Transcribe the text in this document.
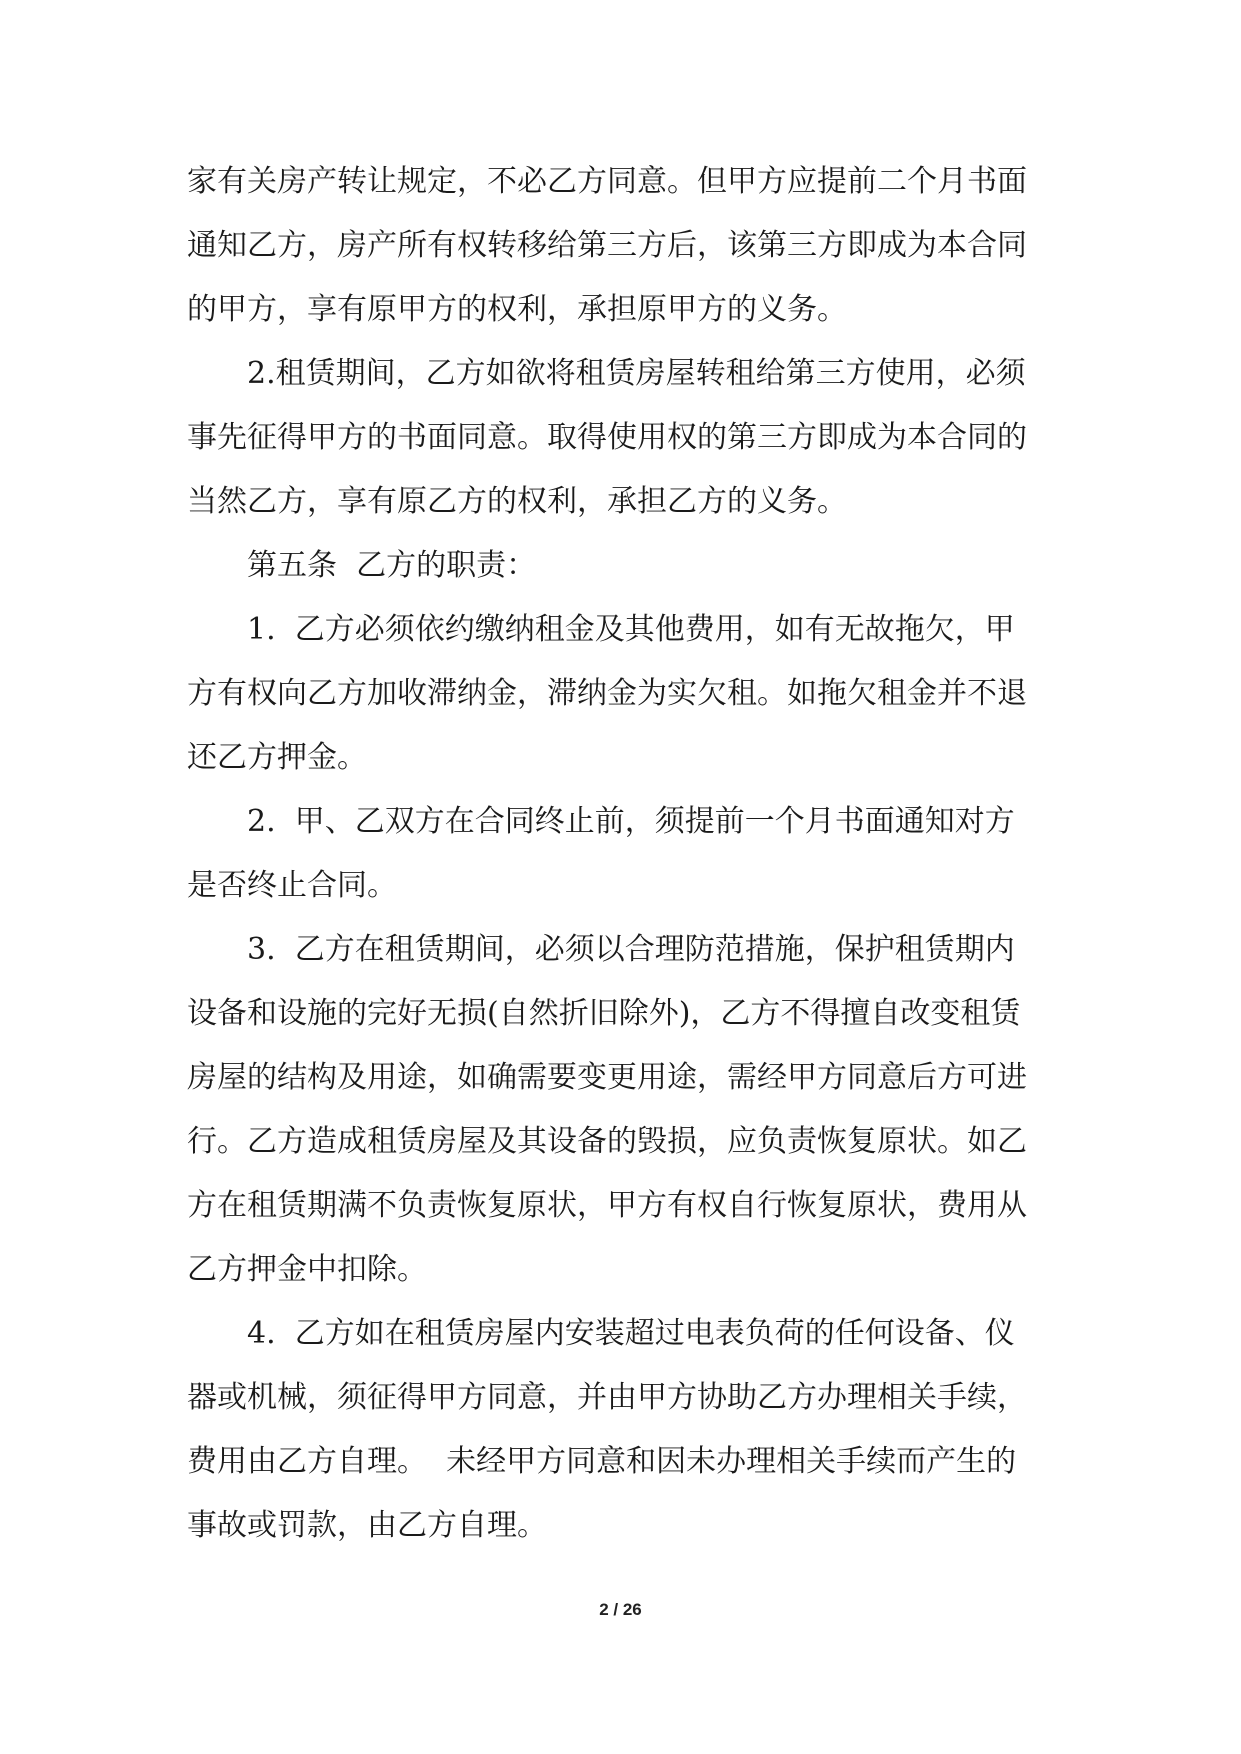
家有关房产转让规定，不必乙方同意。但甲方应提前二个月书面
通知乙方，房产所有权转移给第三方后，该第三方即成为本合同
的甲方，享有原甲方的权利，承担原甲方的义务。
2.租赁期间，乙方如欲将租赁房屋转租给第三方使用，必须
事先征得甲方的书面同意。取得使用权的第三方即成为本合同的
当然乙方，享有原乙方的权利，承担乙方的义务。
第五条  乙方的职责：
1.  乙方必须依约缴纳租金及其他费用，如有无故拖欠，甲
方有权向乙方加收滞纳金，滞纳金为实欠租。如拖欠租金并不退
还乙方押金。
2.  甲、乙双方在合同终止前，须提前一个月书面通知对方
是否终止合同。
3.  乙方在租赁期间，必须以合理防范措施，保护租赁期内
设备和设施的完好无损(自然折旧除外)，乙方不得擅自改变租赁
房屋的结构及用途，如确需要变更用途，需经甲方同意后方可进
行。乙方造成租赁房屋及其设备的毁损，应负责恢复原状。如乙
方在租赁期满不负责恢复原状，甲方有权自行恢复原状，费用从
乙方押金中扣除。
4.  乙方如在租赁房屋内安装超过电表负荷的任何设备、仪
器或机械，须征得甲方同意，并由甲方协助乙方办理相关手续，
费用由乙方自理。  未经甲方同意和因未办理相关手续而产生的
事故或罚款，由乙方自理。
2 / 26
